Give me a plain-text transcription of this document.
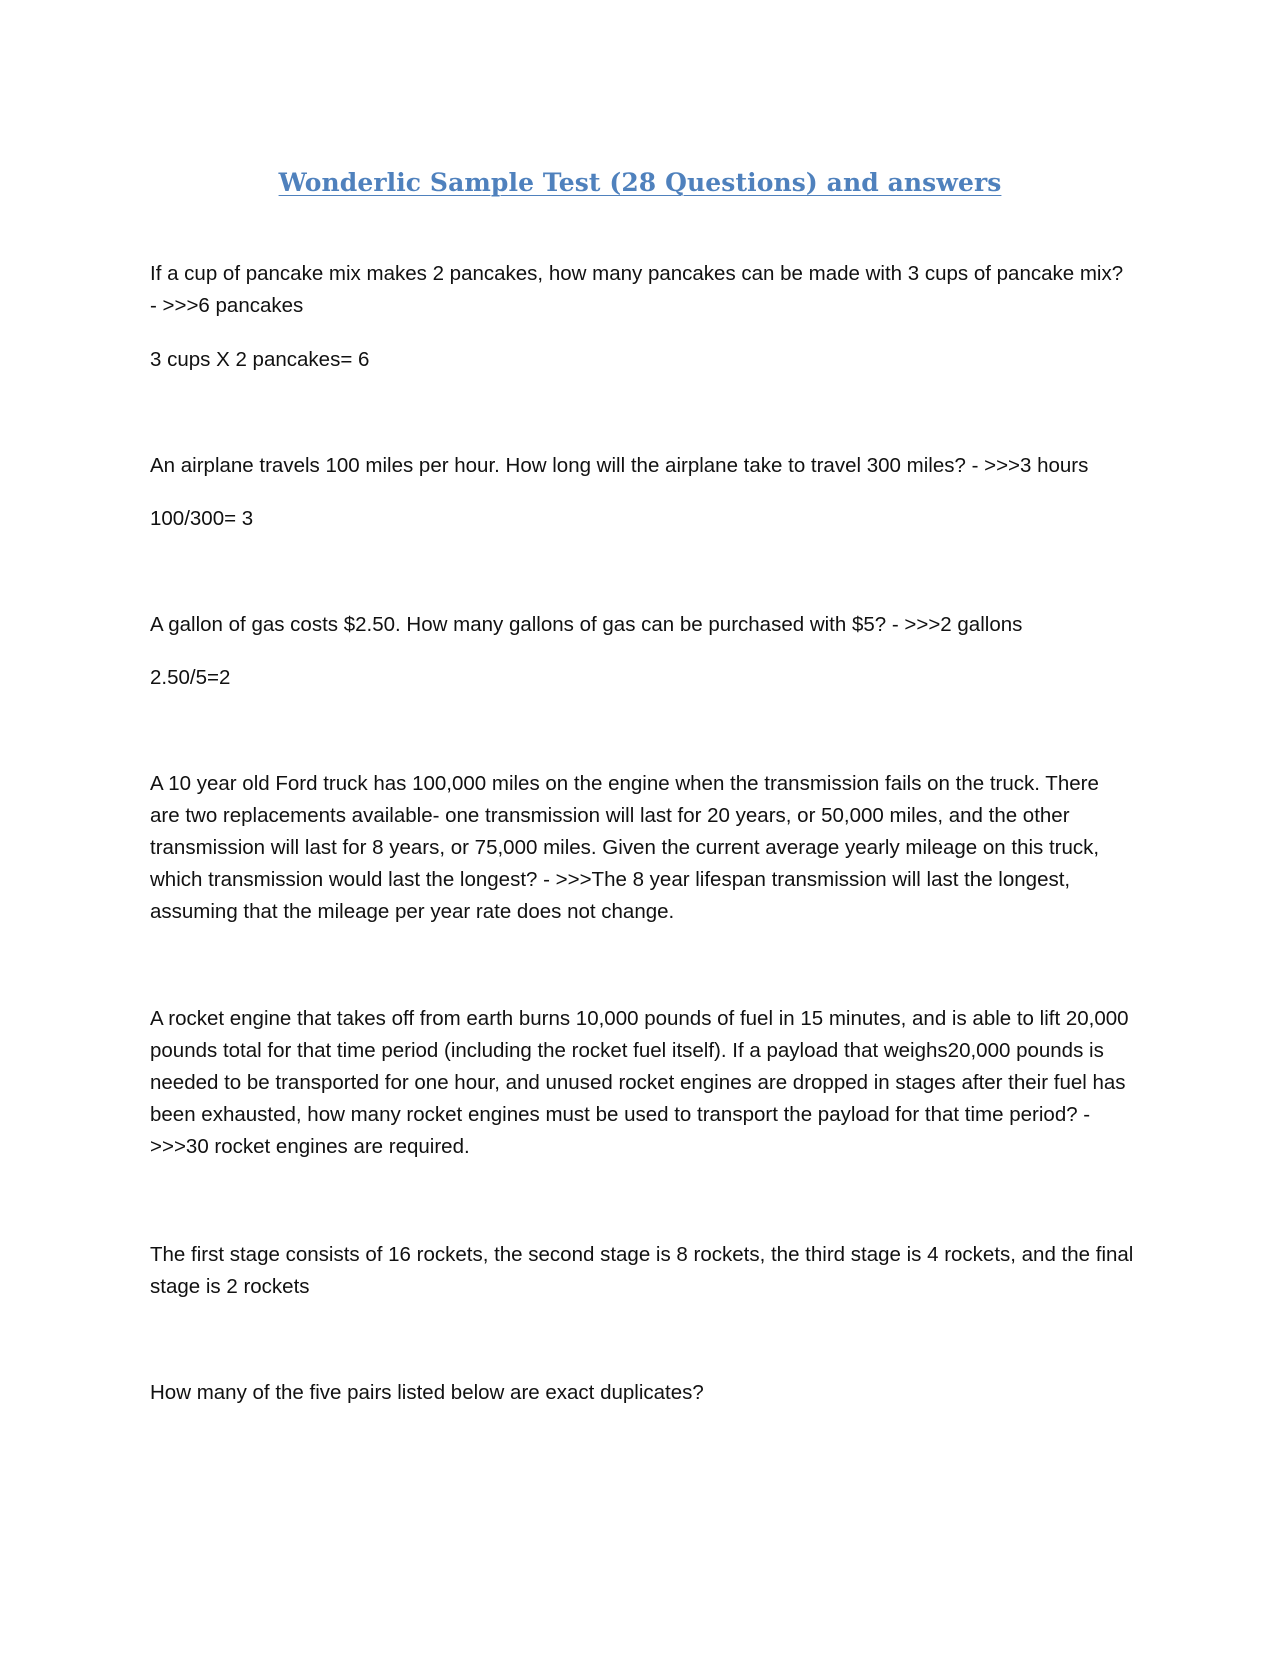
Wonderlic Sample Test (28 Questions) and answers

If a cup of pancake mix makes 2 pancakes, how many pancakes can be made with 3 cups of pancake mix? - >>>6 pancakes

3 cups X 2 pancakes= 6

An airplane travels 100 miles per hour. How long will the airplane take to travel 300 miles? - >>>3 hours

100/300= 3

A gallon of gas costs $2.50. How many gallons of gas can be purchased with $5? - >>>2 gallons

2.50/5=2

A 10 year old Ford truck has 100,000 miles on the engine when the transmission fails on the truck. There are two replacements available- one transmission will last for 20 years, or 50,000 miles, and the other transmission will last for 8 years, or 75,000 miles. Given the current average yearly mileage on this truck, which transmission would last the longest? - >>>The 8 year lifespan transmission will last the longest, assuming that the mileage per year rate does not change.

A rocket engine that takes off from earth burns 10,000 pounds of fuel in 15 minutes, and is able to lift 20,000 pounds total for that time period (including the rocket fuel itself). If a payload that weighs20,000 pounds is needed to be transported for one hour, and unused rocket engines are dropped in stages after their fuel has been exhausted, how many rocket engines must be used to transport the payload for that time period? - >>>30 rocket engines are required.

The first stage consists of 16 rockets, the second stage is 8 rockets, the third stage is 4 rockets, and the final stage is 2 rockets

How many of the five pairs listed below are exact duplicates?
